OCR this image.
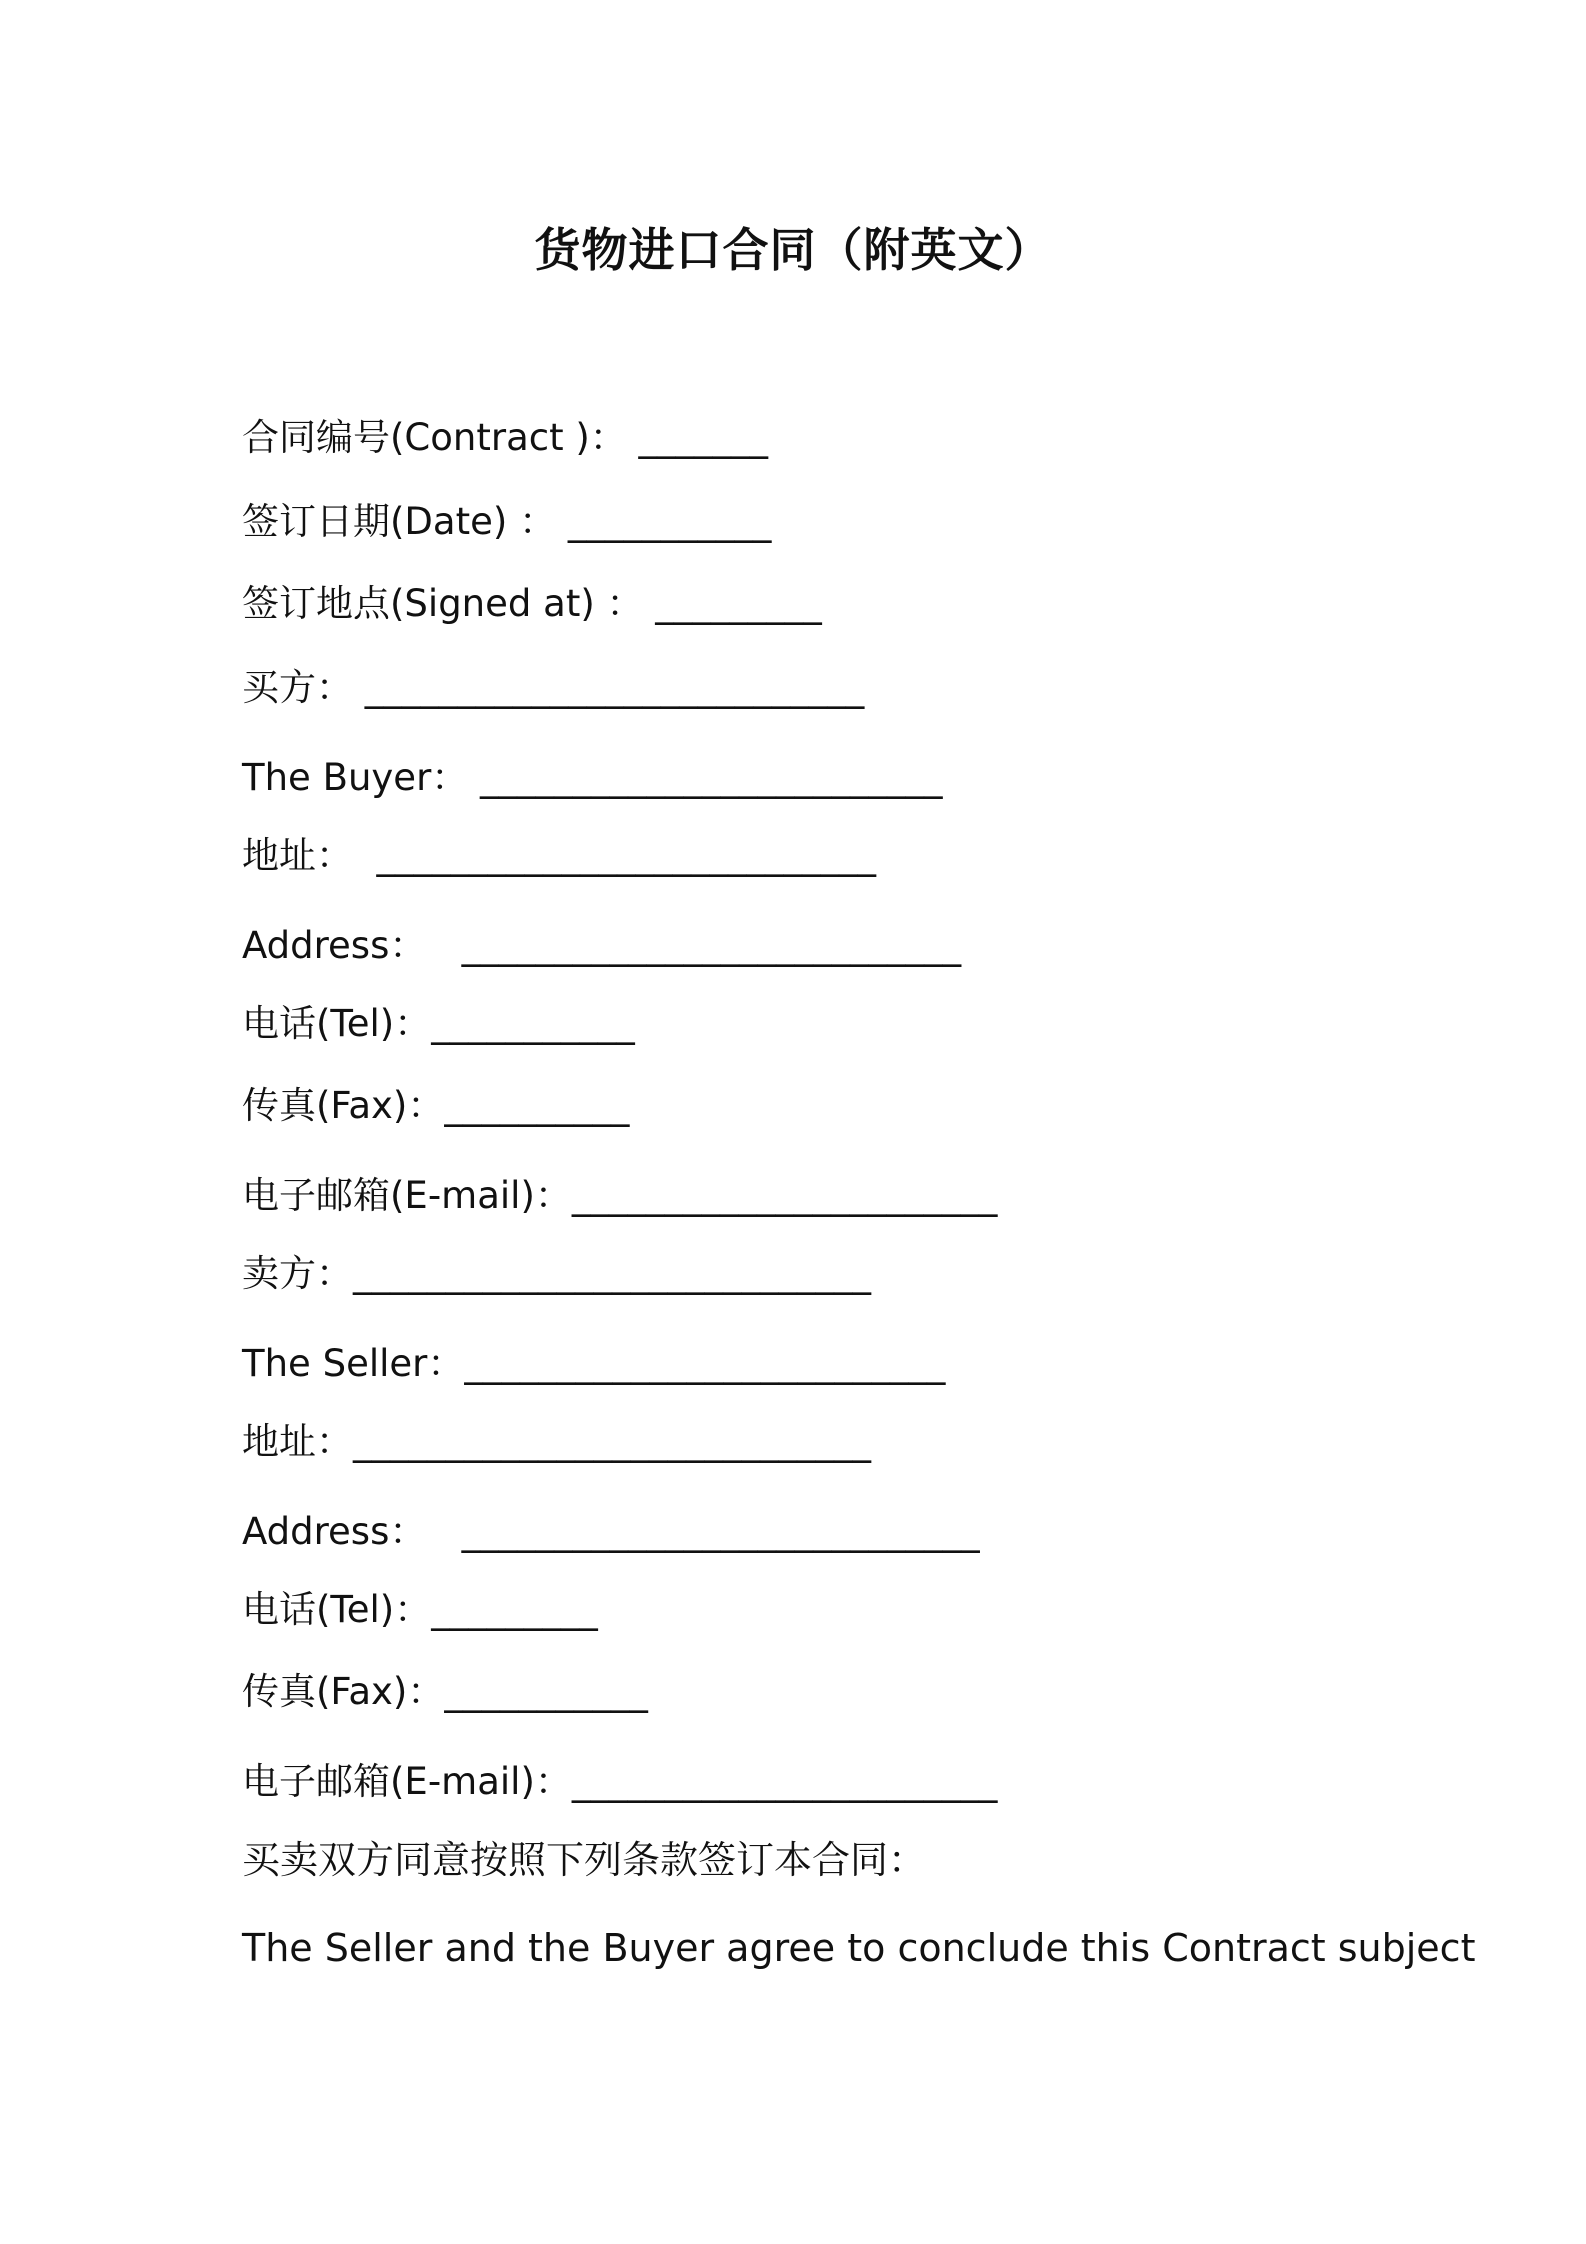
货物进口合同（附英文）
合同编号(Contract )： _______
签订日期(Date) ： ___________
签订地点(Signed at) ： _________
买方： ___________________________
The Buyer： _________________________
地址：  ___________________________
Address：   ___________________________
电话(Tel)：___________
传真(Fax)：__________
电子邮箱(E-mail)：_______________________
卖方：____________________________
The Seller：__________________________
地址：____________________________
Address：   ____________________________
电话(Tel)：_________
传真(Fax)：___________
电子邮箱(E-mail)：_______________________
买卖双方同意按照下列条款签订本合同：
The Seller and the Buyer agree to conclude this Contract subject
